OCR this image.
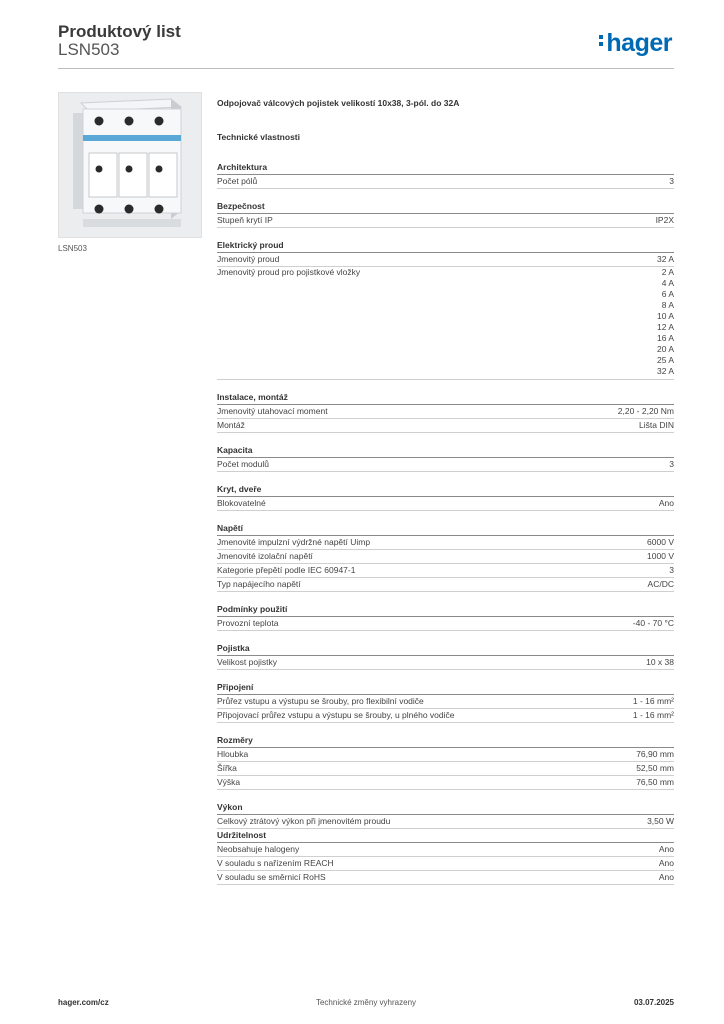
Produktový list
LSN503	hager
LSN503
Odpojovač válcových pojistek velikostí 10x38, 3-pól. do 32A
Technické vlastnosti
Architektura
Počet pólů	3
Bezpečnost
Stupeň krytí IP	IP2X
Elektrický proud
Jmenovitý proud	32 A
Jmenovitý proud pro pojistkové vložky	2 A
4 A
6 A
8 A
10 A
12 A
16 A
20 A
25 A
32 A
Instalace, montáž
Jmenovitý utahovací moment	2,20 - 2,20 Nm
Montáž	Lišta DIN
Kapacita
Počet modulů	3
Kryt, dveře
Blokovatelné	Ano
Napětí
Jmenovité impulzní výdržné napětí Uimp	6000 V
Jmenovité izolační napětí	1000 V
Kategorie přepětí podle IEC 60947-1	3
Typ napájecího napětí	AC/DC
Podmínky použití
Provozní teplota	-40 - 70 °C
Pojistka
Velikost pojistky	10 x 38
Připojení
Průřez vstupu a výstupu se šrouby, pro flexibilní vodiče	1 - 16 mm²
Připojovací průřez vstupu a výstupu se šrouby, u plného vodiče	1 - 16 mm²
Rozměry
Hloubka	76,90 mm
Šířka	52,50 mm
Výška	76,50 mm
Výkon
Celkový ztrátový výkon při jmenovitém proudu	3,50 W
Udržitelnost
Neobsahuje halogeny	Ano
V souladu s nařízením REACH	Ano
V souladu se směrnicí RoHS	Ano
hager.com/cz	Technické změny vyhrazeny	03.07.2025
